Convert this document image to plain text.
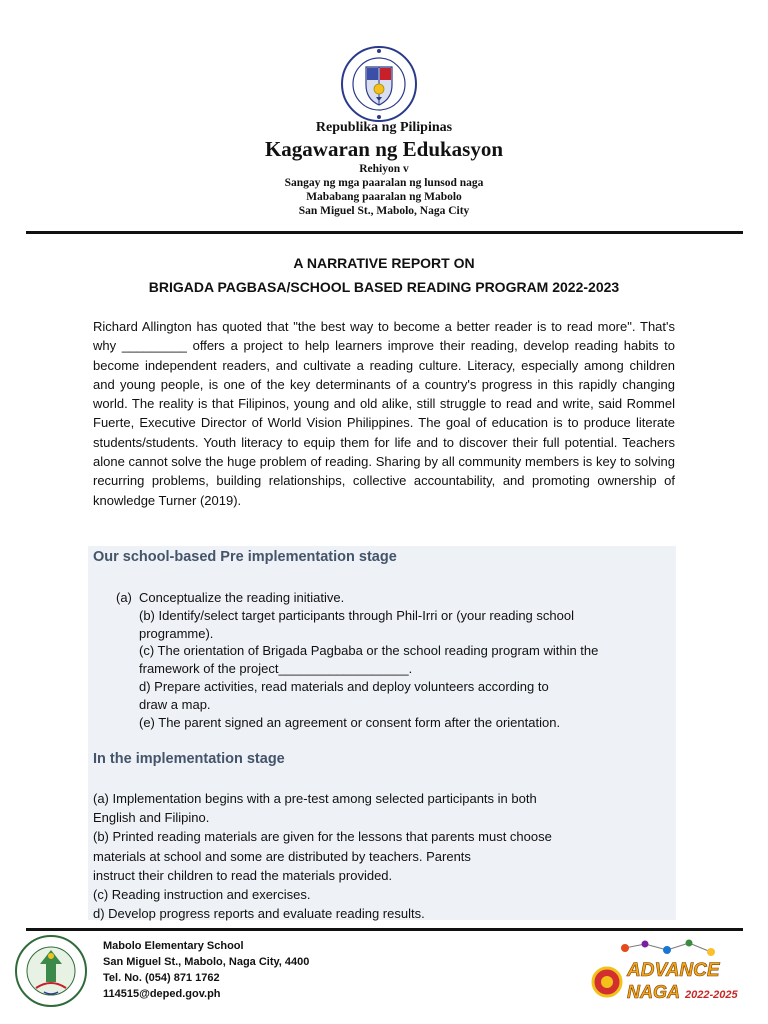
Republika ng Pilipinas
Kagawaran ng Edukasyon
Rehiyon v
Sangay ng mga paaralan ng lunsod naga
Mababang paaralan ng Mabolo
San Miguel St., Mabolo, Naga City
A NARRATIVE REPORT ON
BRIGADA PAGBASA/SCHOOL BASED READING PROGRAM 2022-2023
Richard Allington has quoted that "the best way to become a better reader is to read more". That's why _________ offers a project to help learners improve their reading, develop reading habits to become independent readers, and cultivate a reading culture. Literacy, especially among children and young people, is one of the key determinants of a country's progress in this rapidly changing world. The reality is that Filipinos, young and old alike, still struggle to read and write, said Rommel Fuerte, Executive Director of World Vision Philippines. The goal of education is to produce literate students/students. Youth literacy to equip them for life and to discover their full potential. Teachers alone cannot solve the huge problem of reading. Sharing by all community members is key to solving recurring problems, building relationships, collective accountability, and promoting ownership of knowledge Turner (2019).
Our school-based Pre implementation stage
(a) Conceptualize the reading initiative.
(b) Identify/select target participants through Phil-Irri or (your reading school
programme).
(c) The orientation of Brigada Pagbaba or the school reading program within the
framework of the project__________________.
d) Prepare activities, read materials and deploy volunteers according to
draw a map.
(e) The parent signed an agreement or consent form after the orientation.
In the implementation stage
(a) Implementation begins with a pre-test among selected participants in both
English and Filipino.
(b) Printed reading materials are given for the lessons that parents must choose
materials at school and some are distributed by teachers. Parents
instruct their children to read the materials provided.
(c) Reading instruction and exercises.
d) Develop progress reports and evaluate reading results.
Mabolo Elementary School
San Miguel St., Mabolo, Naga City, 4400
Tel. No. (054) 871 1762
114515@deped.gov.ph
ADVANCE
NAGA 2022-2025
